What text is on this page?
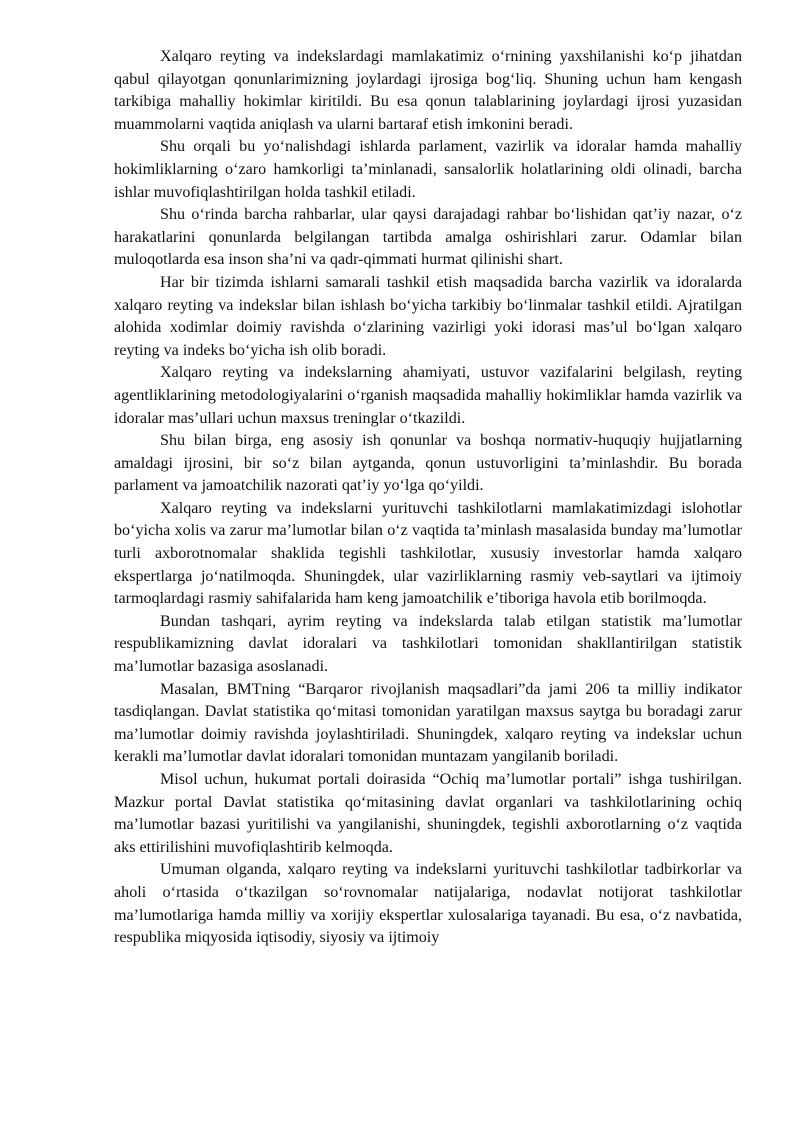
Xalqaro reyting va indekslardagi mamlakatimiz oʻrnining yaxshilanishi koʻp jihatdan qabul qilayotgan qonunlarimizning joylardagi ijrosiga bogʻliq. Shuning uchun ham kengash tarkibiga mahalliy hokimlar kiritildi. Bu esa qonun talablarining joylardagi ijrosi yuzasidan muammolarni vaqtida aniqlash va ularni bartaraf etish imkonini beradi.

Shu orqali bu yoʻnalishdagi ishlarda parlament, vazirlik va idoralar hamda mahalliy hokimliklarning oʻzaro hamkorligi taʼminlanadi, sansalorlik holatlarining oldi olinadi, barcha ishlar muvofiqlashtirilgan holda tashkil etiladi.

Shu oʻrinda barcha rahbarlar, ular qaysi darajadagi rahbar boʻlishidan qatʼiy nazar, oʻz harakatlarini qonunlarda belgilangan tartibda amalga oshirishlari zarur. Odamlar bilan muloqotlarda esa inson shaʼni va qadr-qimmati hurmat qilinishi shart.

Har bir tizimda ishlarni samarali tashkil etish maqsadida barcha vazirlik va idoralarda xalqaro reyting va indekslar bilan ishlash boʻyicha tarkibiy boʻlinmalar tashkil etildi. Ajratilgan alohida xodimlar doimiy ravishda oʻzlarining vazirligi yoki idorasi masʼul boʻlgan xalqaro reyting va indeks boʻyicha ish olib boradi.

Xalqaro reyting va indekslarning ahamiyati, ustuvor vazifalarini belgilash, reyting agentliklarining metodologiyalarini oʻrganish maqsadida mahalliy hokimliklar hamda vazirlik va idoralar masʼullari uchun maxsus treninglar oʻtkazildi.

Shu bilan birga, eng asosiy ish qonunlar va boshqa normativ-huquqiy hujjatlarning amaldagi ijrosini, bir soʻz bilan aytganda, qonun ustuvorligini taʼminlashdir. Bu borada parlament va jamoatchilik nazorati qatʼiy yoʻlga qoʻyildi.

Xalqaro reyting va indekslarni yurituvchi tashkilotlarni mamlakatimizdagi islohotlar boʻyicha xolis va zarur maʼlumotlar bilan oʻz vaqtida taʼminlash masalasida bunday maʼlumotlar turli axborotnomalar shaklida tegishli tashkilotlar, xususiy investorlar hamda xalqaro ekspertlarga joʻnatilmoqda. Shuningdek, ular vazirliklarning rasmiy veb-saytlari va ijtimoiy tarmoqlardagi rasmiy sahifalarida ham keng jamoatchilik eʼtiboriga havola etib borilmoqda.

Bundan tashqari, ayrim reyting va indekslarda talab etilgan statistik maʼlumotlar respublikamizning davlat idoralari va tashkilotlari tomonidan shakllantirilgan statistik maʼlumotlar bazasiga asoslanadi.

Masalan, BMTning “Barqaror rivojlanish maqsadlari”da jami 206 ta milliy indikator tasdiqlangan. Davlat statistika qoʻmitasi tomonidan yaratilgan maxsus saytga bu boradagi zarur maʼlumotlar doimiy ravishda joylashtiriladi. Shuningdek, xalqaro reyting va indekslar uchun kerakli maʼlumotlar davlat idoralari tomonidan muntazam yangilanib boriladi.

Misol uchun, hukumat portali doirasida “Ochiq maʼlumotlar portali” ishga tushirilgan. Mazkur portal Davlat statistika qoʻmitasining davlat organlari va tashkilotlarining ochiq maʼlumotlar bazasi yuritilishi va yangilanishi, shuningdek, tegishli axborotlarning oʻz vaqtida aks ettirilishini muvofiqlashtirib kelmoqda.

Umuman olganda, xalqaro reyting va indekslarni yurituvchi tashkilotlar tadbirkorlar va aholi oʻrtasida oʻtkazilgan soʻrovnomalar natijalariga, nodavlat notijorat tashkilotlar maʼlumotlariga hamda milliy va xorijiy ekspertlar xulosalariga tayanadi. Bu esa, oʻz navbatida, respublika miqyosida iqtisodiy, siyosiy va ijtimoiy
